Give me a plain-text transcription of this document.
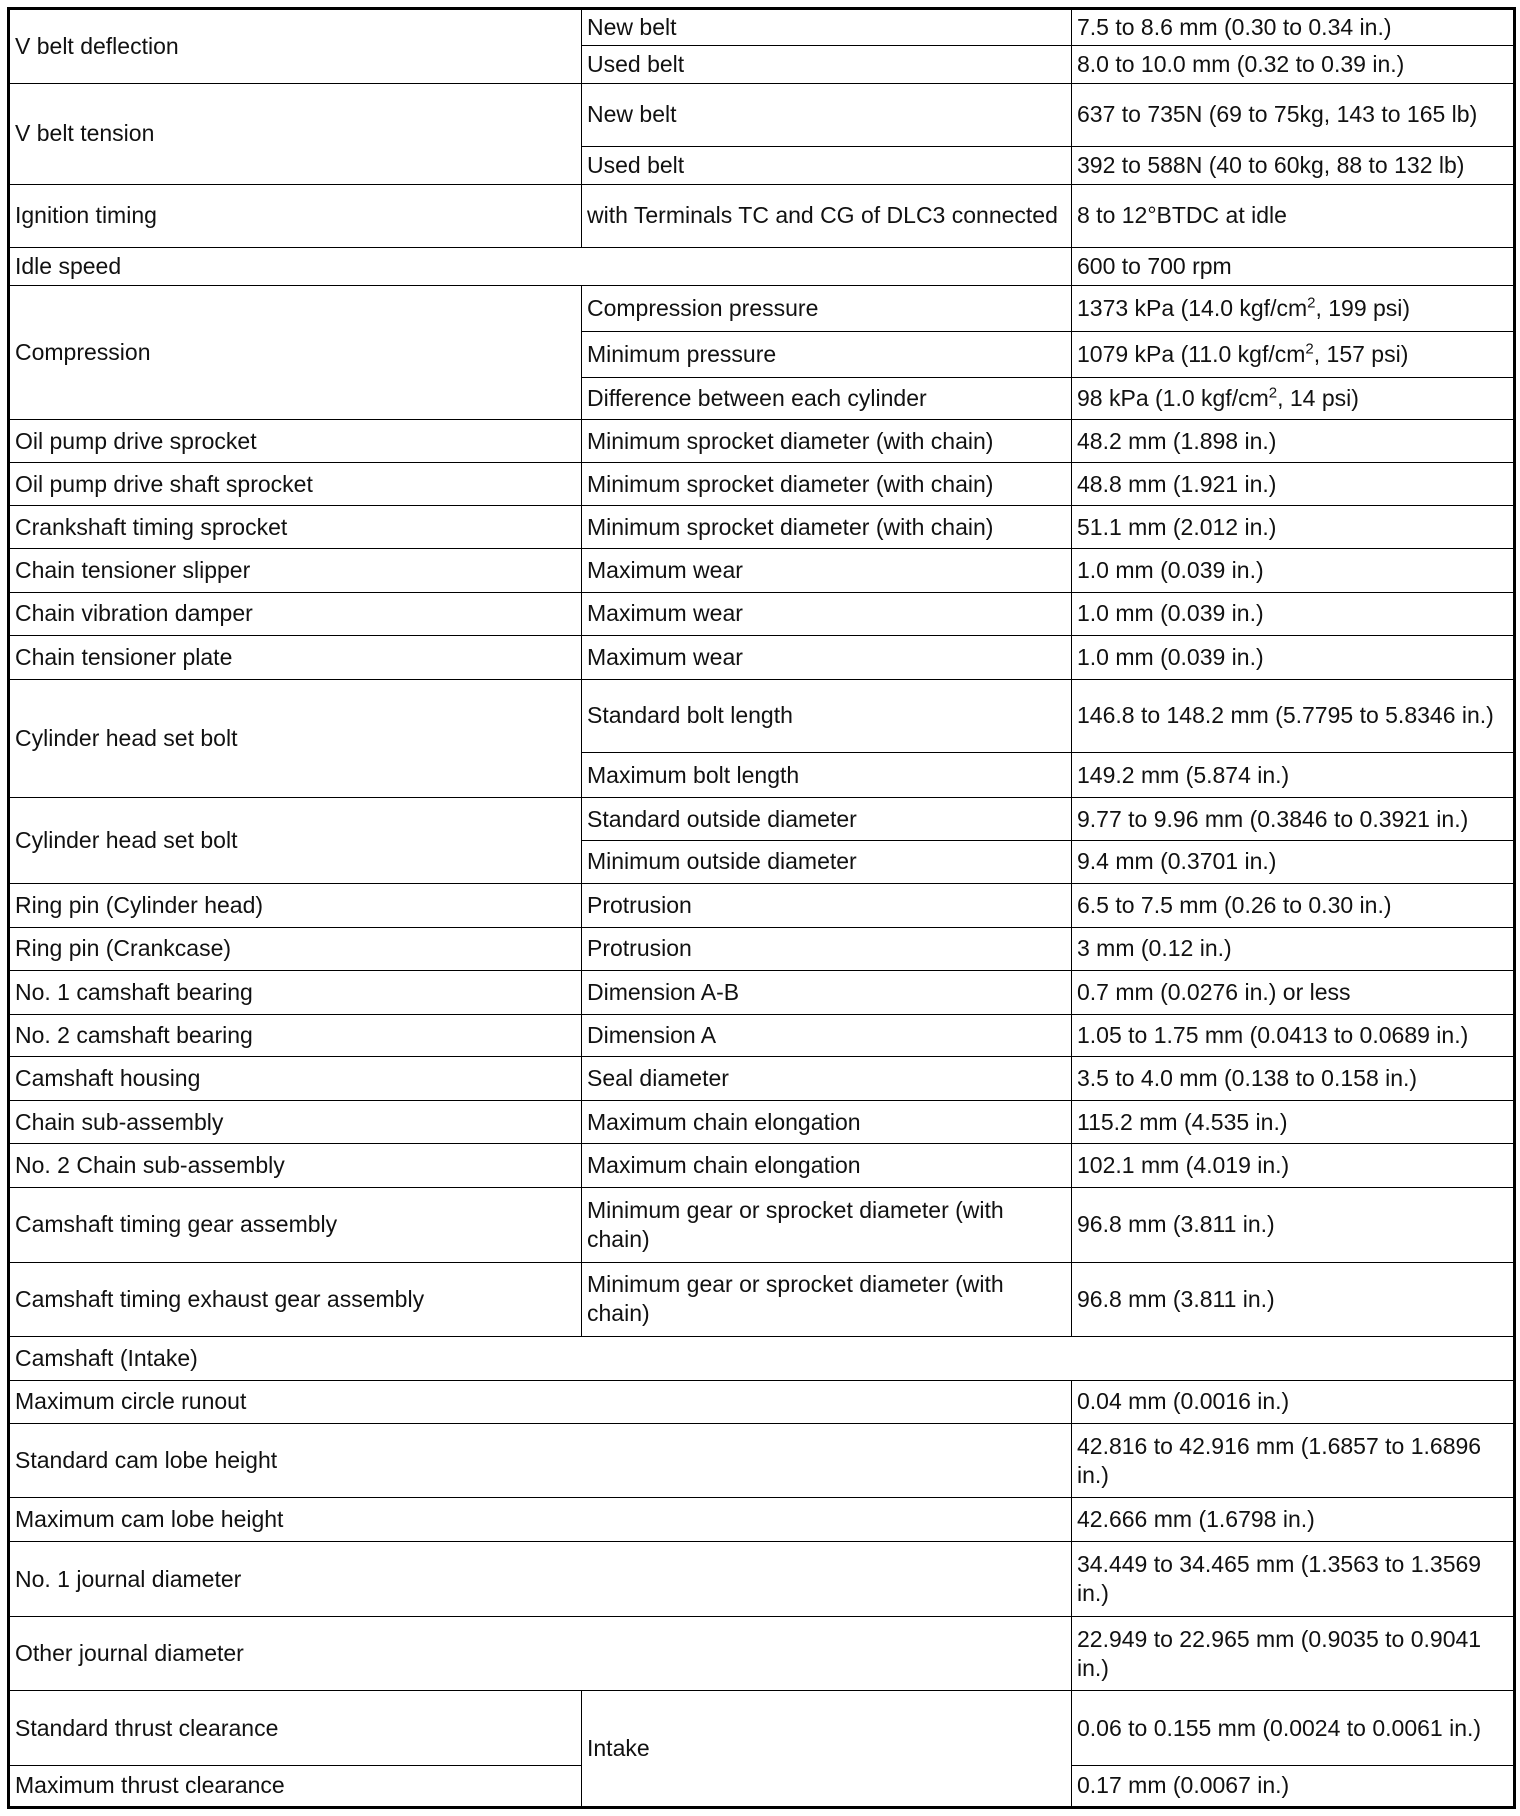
V belt deflection	New belt	7.5 to 8.6 mm (0.30 to 0.34 in.)
	Used belt	8.0 to 10.0 mm (0.32 to 0.39 in.)
V belt tension	New belt	637 to 735N (69 to 75kg, 143 to 165 lb)
	Used belt	392 to 588N (40 to 60kg, 88 to 132 lb)
Ignition timing	with Terminals TC and CG of DLC3 connected	8 to 12°BTDC at idle
Idle speed		600 to 700 rpm
Compression	Compression pressure	1373 kPa (14.0 kgf/$cm^2$, 199 psi)
	Minimum pressure	1079 kPa (11.0 kgf/$cm^2$, 157 psi)
	Difference between each cylinder	98 kPa (1.0 kgf/$cm^2$, 14 psi)
Oil pump drive sprocket	Minimum sprocket diameter (with chain)	48.2 mm (1.898 in.)
Oil pump drive shaft sprocket	Minimum sprocket diameter (with chain)	48.8 mm (1.921 in.)
Crankshaft timing sprocket	Minimum sprocket diameter (with chain)	51.1 mm (2.012 in.)
Chain tensioner slipper	Maximum wear	1.0 mm (0.039 in.)
Chain vibration damper	Maximum wear	1.0 mm (0.039 in.)
Chain tensioner plate	Maximum wear	1.0 mm (0.039 in.)
Cylinder head set bolt	Standard bolt length	146.8 to 148.2 mm (5.7795 to 5.8346 in.)
	Maximum bolt length	149.2 mm (5.874 in.)
Cylinder head set bolt	Standard outside diameter	9.77 to 9.96 mm (0.3846 to 0.3921 in.)
	Minimum outside diameter	9.4 mm (0.3701 in.)
Ring pin (Cylinder head)	Protrusion	6.5 to 7.5 mm (0.26 to 0.30 in.)
Ring pin (Crankcase)	Protrusion	3 mm (0.12 in.)
No. 1 camshaft bearing	Dimension A-B	0.7 mm (0.0276 in.) or less
No. 2 camshaft bearing	Dimension A	1.05 to 1.75 mm (0.0413 to 0.0689 in.)
Camshaft housing	Seal diameter	3.5 to 4.0 mm (0.138 to 0.158 in.)
Chain sub-assembly	Maximum chain elongation	115.2 mm (4.535 in.)
No. 2 Chain sub-assembly	Maximum chain elongation	102.1 mm (4.019 in.)
Camshaft timing gear assembly	Minimum gear or sprocket diameter (with chain)	96.8 mm (3.811 in.)
Camshaft timing exhaust gear assembly	Minimum gear or sprocket diameter (with chain)	96.8 mm (3.811 in.)
Camshaft (Intake)		
Maximum circle runout		0.04 mm (0.0016 in.)
Standard cam lobe height		42.816 to 42.916 mm (1.6857 to 1.6896 in.)
Maximum cam lobe height		42.666 mm (1.6798 in.)
No. 1 journal diameter		34.449 to 34.465 mm (1.3563 to 1.3569 in.)
Other journal diameter		22.949 to 22.965 mm (0.9035 to 0.9041 in.)
Standard thrust clearance	Intake	0.06 to 0.155 mm (0.0024 to 0.0061 in.)
Maximum thrust clearance		0.17 mm (0.0067 in.)
